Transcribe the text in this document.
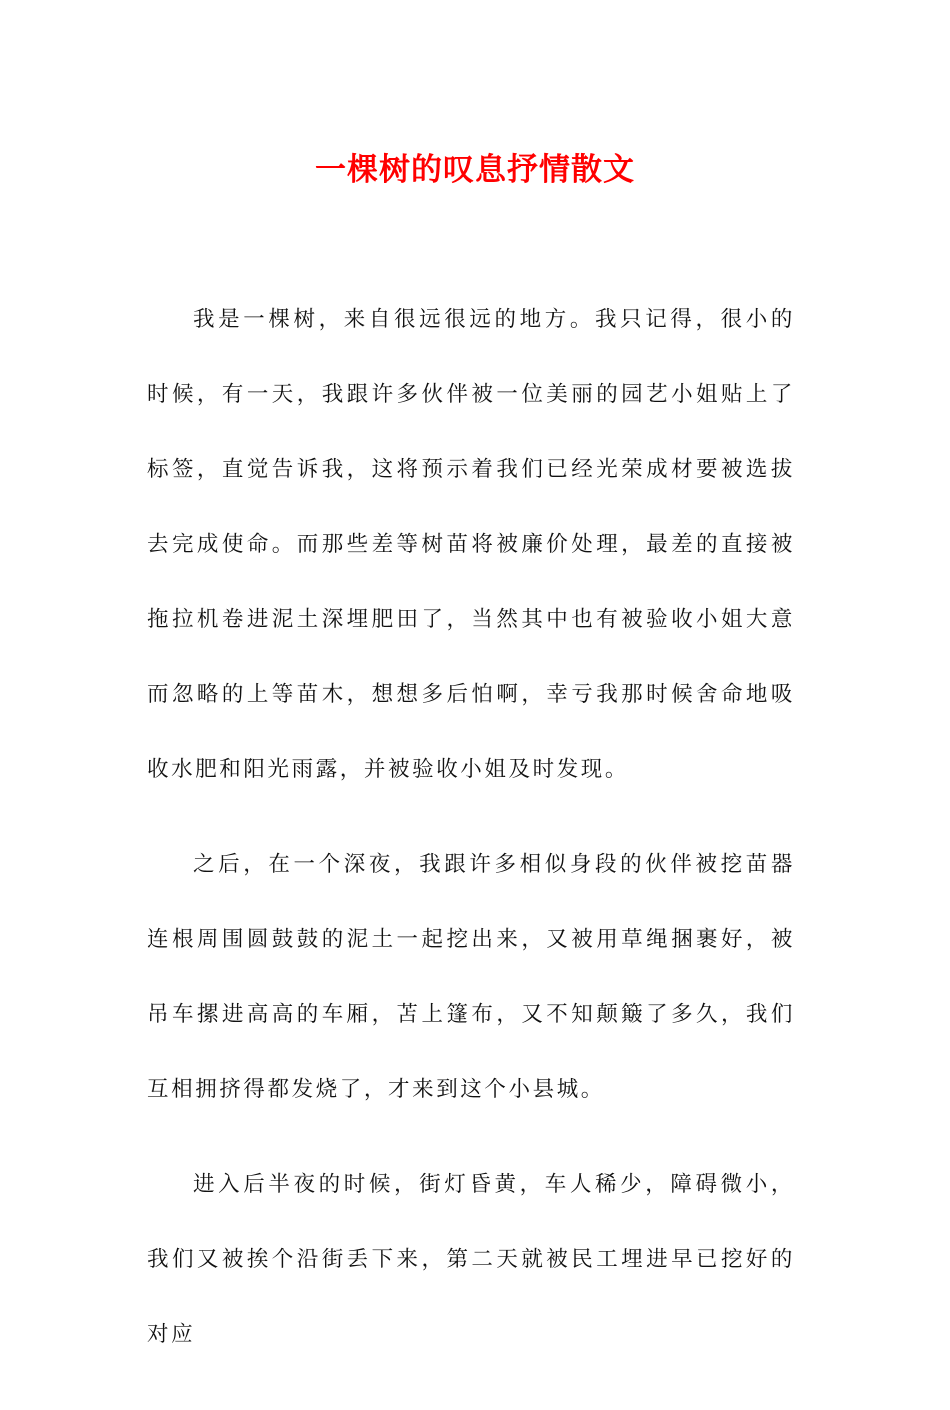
一棵树的叹息抒情散文

我是一棵树，来自很远很远的地方。我只记得，很小的时候，有一天，我跟许多伙伴被一位美丽的园艺小姐贴上了标签，直觉告诉我，这将预示着我们已经光荣成材要被选拔去完成使命。而那些差等树苗将被廉价处理，最差的直接被拖拉机卷进泥土深埋肥田了，当然其中也有被验收小姐大意而忽略的上等苗木，想想多后怕啊，幸亏我那时候舍命地吸收水肥和阳光雨露，并被验收小姐及时发现。

之后，在一个深夜，我跟许多相似身段的伙伴被挖苗器连根周围圆鼓鼓的泥土一起挖出来，又被用草绳捆裹好，被吊车摞进高高的车厢，苫上篷布，又不知颠簸了多久，我们互相拥挤得都发烧了，才来到这个小县城。

进入后半夜的时候，街灯昏黄，车人稀少，障碍微小，我们又被挨个沿街丢下来，第二天就被民工埋进早已挖好的对应
